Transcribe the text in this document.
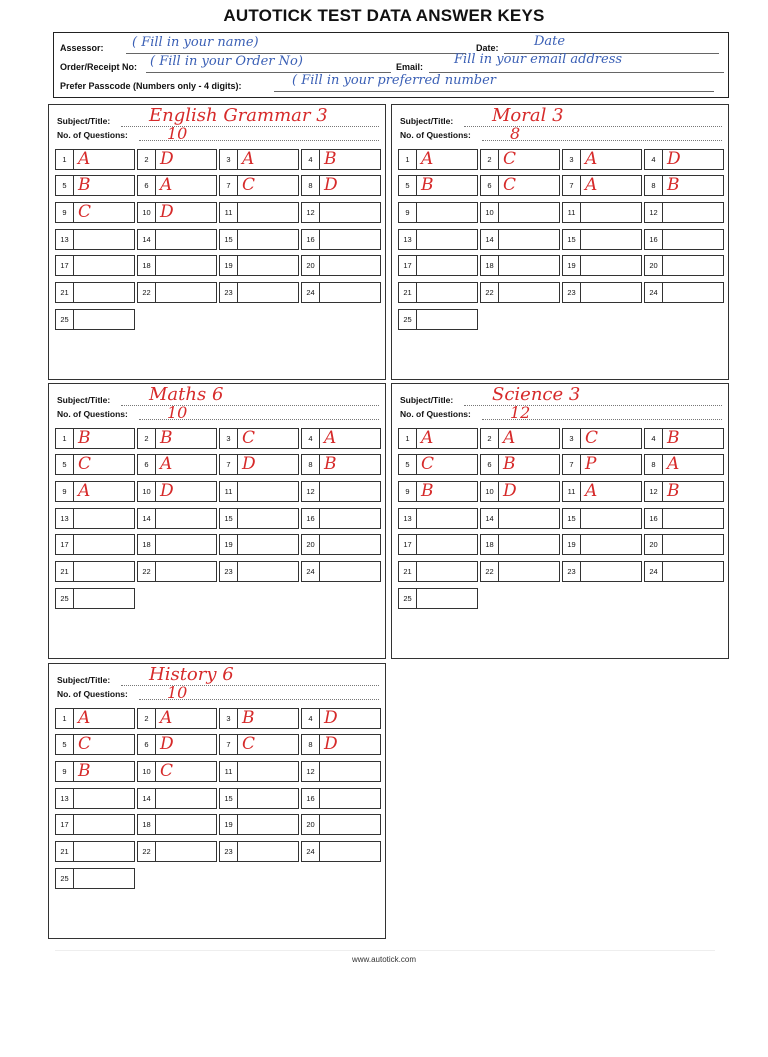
AUTOTICK TEST DATA ANSWER KEYS
Assessor: ( Fill in your name)
Order/Receipt No: ( Fill in your Order No)
Prefer Passcode (Numbers only - 4 digits):	( Fill in your preferred number
Date:	Date
Email: Fill in your email address
Subject/Title:
No. of Questions:
English Grammar 3
10
1 A	2 D	3 A	4 B
5 B	6 A	7 C	8 D
9 C	10 D	11	12
13	14	15	16
17	18	19	20
21	22	23	24
25
Subject/Title:
No. of Questions:
Moral 3
8
1 A	2 C	3 A	4 D
5 B	6 C	7 A	8 B
9	10	11	12
13	14	15	16
17	18	19	20
21	22	23	24
25
Subject/Title:
No. of Questions:
Maths 6
10
1 B	2 B	3 C	4 A
5 C	6 A	7 D	8 B
9 A	10 D	11	12
13	14	15	16
17	18	19	20
21	22	23	24
25
Subject/Title:
No. of Questions:
Science 3
12
1 A	2 A	3 C	4 B
5 C	6 B	7 P	8 A
9 B	10 D	11 A	12 B
13	14	15	16
17	18	19	20
21	22	23	24
25
Subject/Title:
No. of Questions:
History 6
10
1 A	2 A	3 B	4 D
5 C	6 D	7 C	8 D
9 B	10 C	11	12
13	14	15	16
17	18	19	20
21	22	23	24
25
www.autotick.com
